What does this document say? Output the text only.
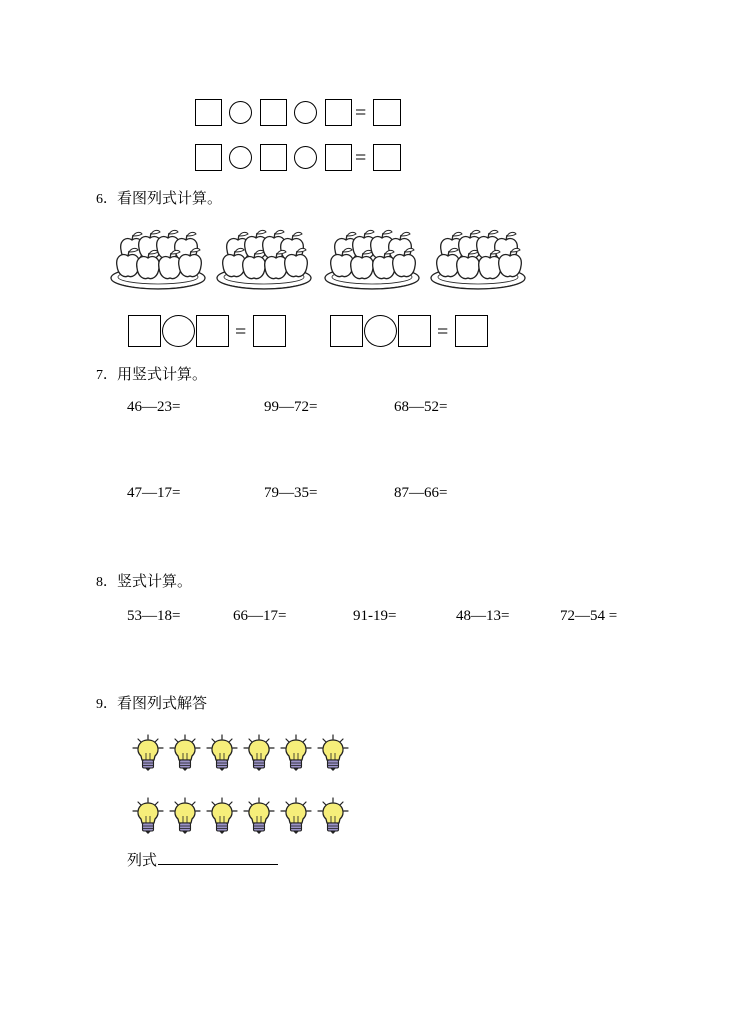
=
=
6．看图列式计算。
=	=
7．用竖式计算。
46—23=	99—72=	68—52=
47—17=	79—35=	87—66=
8．竖式计算。
53—18=	66—17=	91-19=	48—13=	72—54 =
9．看图列式解答
列式
